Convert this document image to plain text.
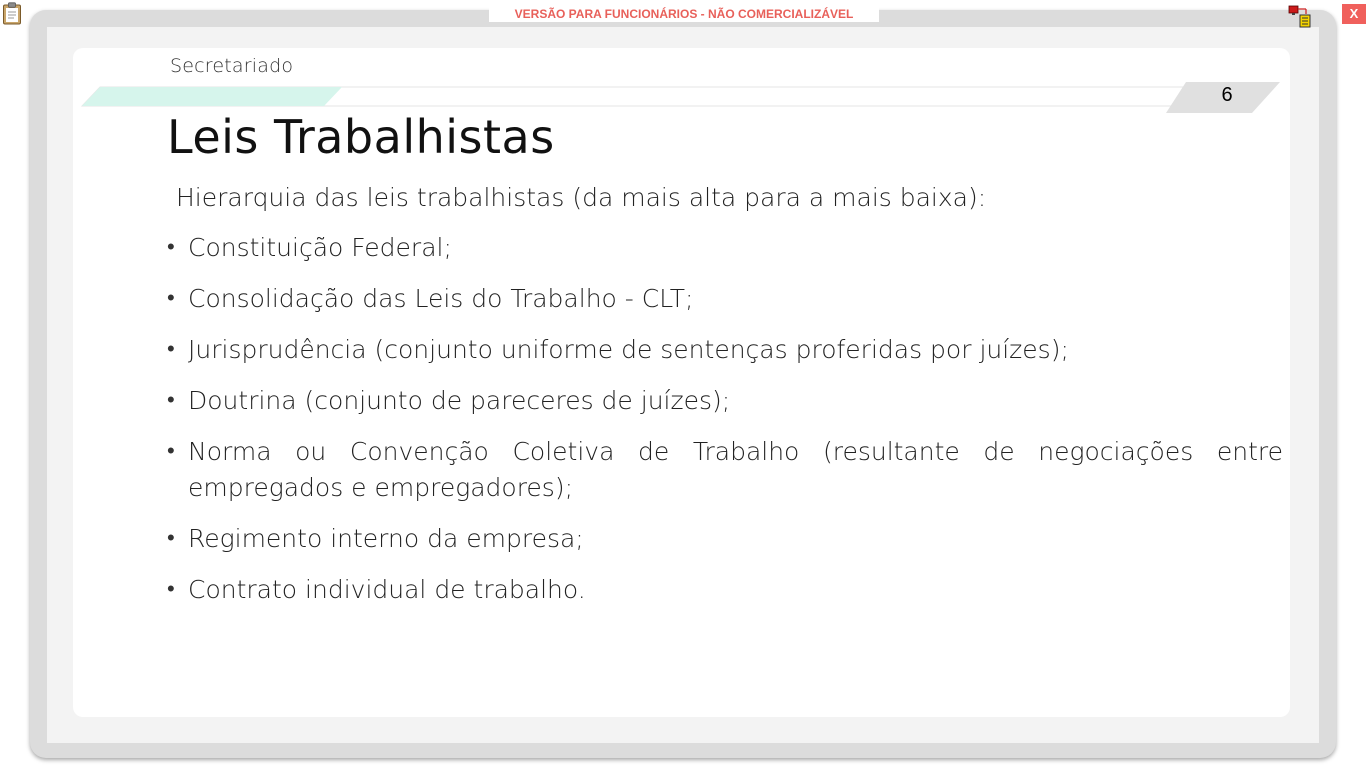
VERSÃO PARA FUNCIONÁRIOS - NÃO COMERCIALIZÁVEL	X
Secretariado
6
Leis Trabalhistas

Hierarquia das leis trabalhistas (da mais alta para a mais baixa):

• Constituição Federal;
• Consolidação das Leis do Trabalho - CLT;
• Jurisprudência (conjunto uniforme de sentenças proferidas por juízes);
• Doutrina (conjunto de pareceres de juízes);
• Norma ou Convenção Coletiva de Trabalho (resultante de negociações entre empregados e empregadores);
• Regimento interno da empresa;
• Contrato individual de trabalho.
